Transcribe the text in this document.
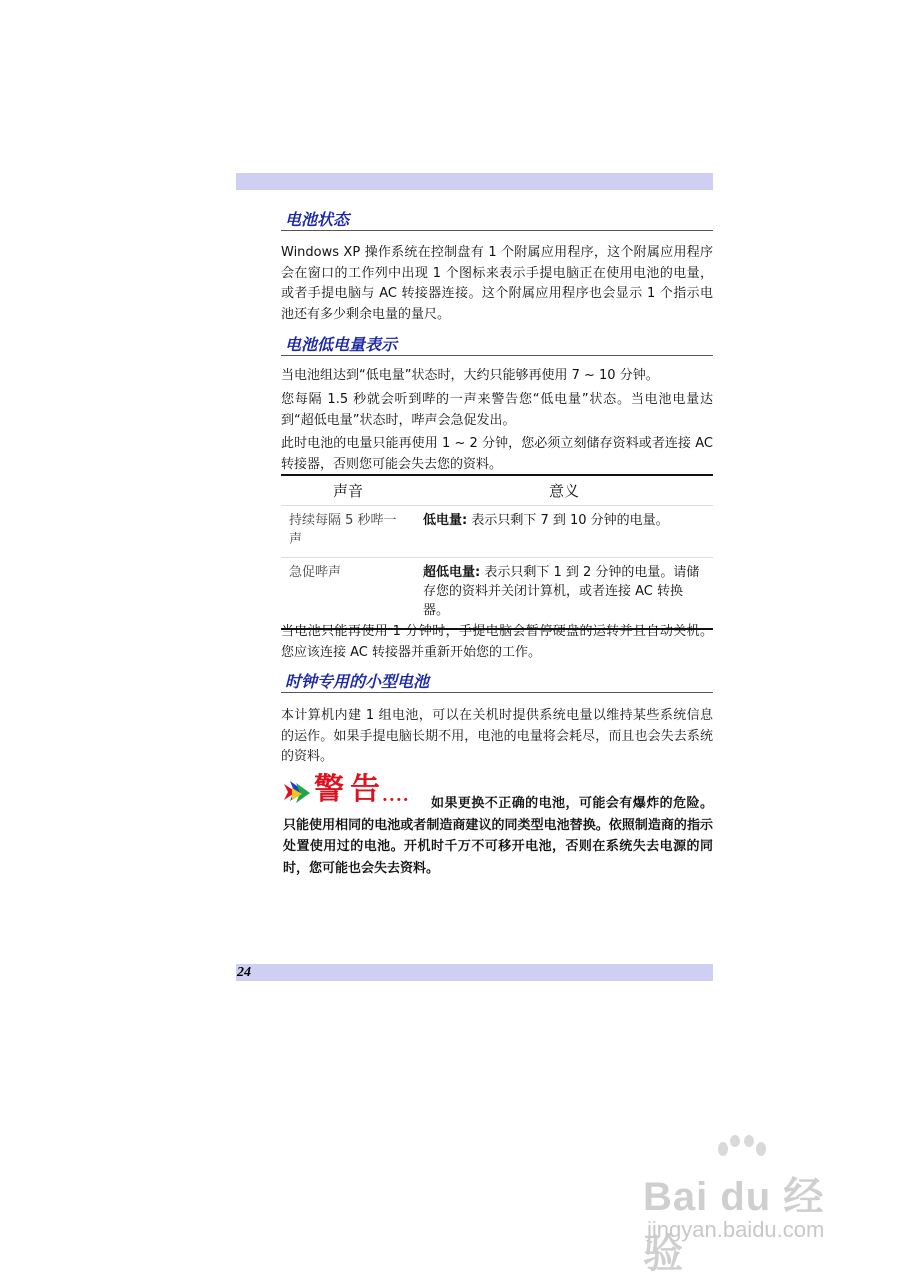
电池状态
Windows XP 操作系统在控制盘有 1 个附属应用程序，这个附属应用程序会在窗口的工作列中出现 1 个图标来表示手提电脑正在使用电池的电量，或者手提电脑与 AC 转接器连接。这个附属应用程序也会显示 1 个指示电池还有多少剩余电量的量尺。
电池低电量表示
当电池组达到“低电量”状态时，大约只能够再使用 7 ~ 10 分钟。
您每隔 1.5 秒就会听到哔的一声来警告您“低电量”状态。当电池电量达到“超低电量”状态时，哔声会急促发出。
此时电池的电量只能再使用 1 ~ 2 分钟，您必须立刻储存资料或者连接 AC 转接器，否则您可能会失去您的资料。
声音	意义
持续每隔 5 秒哔一声	低电量: 表示只剩下 7 到 10 分钟的电量。
急促哔声	超低电量: 表示只剩下 1 到 2 分钟的电量。请储存您的资料并关闭计算机，或者连接 AC 转换器。
当电池只能再使用 1 分钟时，手提电脑会暂停硬盘的运转并且自动关机。您应该连接 AC 转接器并重新开始您的工作。
时钟专用的小型电池
本计算机内建 1 组电池，可以在关机时提供系统电量以维持某些系统信息的运作。如果手提电脑长期不用，电池的电量将会耗尽，而且也会失去系统的资料。
警告
....	如果更换不正确的电池，可能会有爆炸的危险。只能使用相同的电池或者制造商建议的同类型电池替换。依照制造商的指示处置使用过的电池。开机时千万不可移开电池，否则在系统失去电源的同时，您可能也会失去资料。
24
Bai du 经验
jingyan.baidu.com
